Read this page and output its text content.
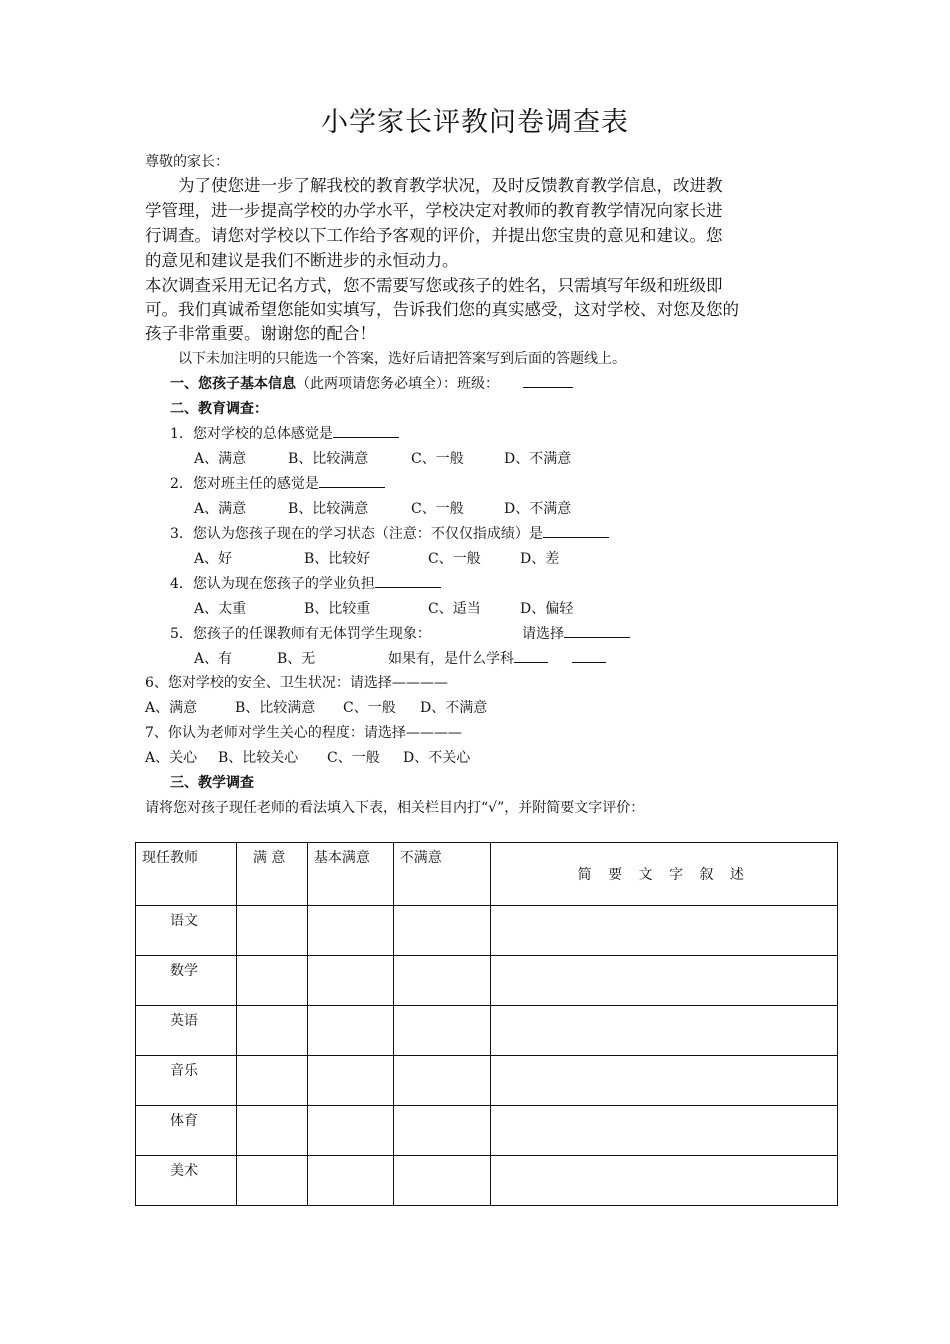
小学家长评教问卷调查表
尊敬的家长：
为了使您进一步了解我校的教育教学状况，及时反馈教育教学信息，改进教
学管理，进一步提高学校的办学水平，学校决定对教师的教育教学情况向家长进
行调查。请您对学校以下工作给予客观的评价，并提出您宝贵的意见和建议。您
的意见和建议是我们不断进步的永恒动力。
本次调查采用无记名方式，您不需要写您或孩子的姓名，只需填写年级和班级即
可。我们真诚希望您能如实填写，告诉我们您的真实感受，这对学校、对您及您的
孩子非常重要。谢谢您的配合！
以下未加注明的只能选一个答案，选好后请把答案写到后面的答题线上。
一、您孩子基本信息（此两项请您务必填全）：班级：
二、教育调查：
1．您对学校的总体感觉是
A、满意	B、比较满意	C、一般	D、不满意
2．您对班主任的感觉是
A、满意	B、比较满意	C、一般	D、不满意
3．您认为您孩子现在的学习状态（注意：不仅仅指成绩）是
A、好	B、比较好	C、一般	D、差
4．您认为现在您孩子的学业负担
A、太重	B、比较重	C、适当	D、偏轻
5．您孩子的任课教师有无体罚学生现象：	请选择
A、有	B、无	如果有，是什么学科
6、您对学校的安全、卫生状况：请选择————
A、满意	B、比较满意 C、一般 D、不满意
7、你认为老师对学生关心的程度：请选择————
A、关心 B、比较关心 C、一般 D、不关心
三、教学调查
请将您对孩子现任老师的看法填入下表，相关栏目内打“√”，并附简要文字评价：
现任教师	满 意	基本满意	不满意	简 要 文 字 叙 述
语文				
数学				
英语				
音乐				
体育				
美术				
